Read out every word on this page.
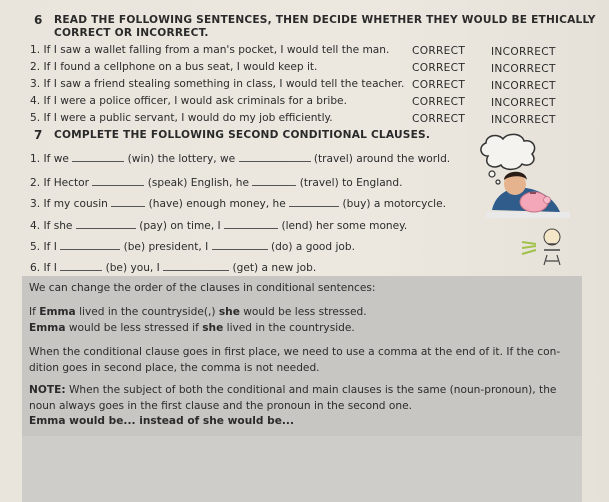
6 READ THE FOLLOWING SENTENCES, THEN DECIDE WHETHER THEY WOULD BE ETHICALLY
CORRECT OR INCORRECT.
1. If I saw a wallet falling from a man's pocket, I would tell the man. CORRECT INCORRECT
2. If I found a cellphone on a bus seat, I would keep it.	CORRECT INCORRECT
3. If I saw a friend stealing something in class, I would tell the teacher. CORRECT INCORRECT
4. If I were a police officer, I would ask criminals for a bribe.	CORRECT INCORRECT
5. If I were a public servant, I would do my job efficiently.	CORRECT INCORRECT
7 COMPLETE THE FOLLOWING SECOND CONDITIONAL CLAUSES.
1. If we	(win) the lottery, we	(travel) around the world.
2. If Hector	(speak) English, he	(travel) to England.
3. If my cousin	(have) enough money, he	(buy) a motorcycle.
4. If she	(pay) on time, I	(lend) her some money.
5. If I	(be) president, I	(do) a good job.
6. If I	(be) you, I	(get) a new job.
We can change the order of the clauses in conditional sentences:
If Emma lived in the countryside(,) she would be less stressed.
Emma would be less stressed if she lived in the countryside.
When the conditional clause goes in first place, we need to use a comma at the end of it. If the con-
dition goes in second place, the comma is not needed.
NOTE: When the subject of both the conditional and main clauses is the same (noun-pronoun), the
noun always goes in the first clause and the pronoun in the second one.
Emma would be... instead of she would be...
